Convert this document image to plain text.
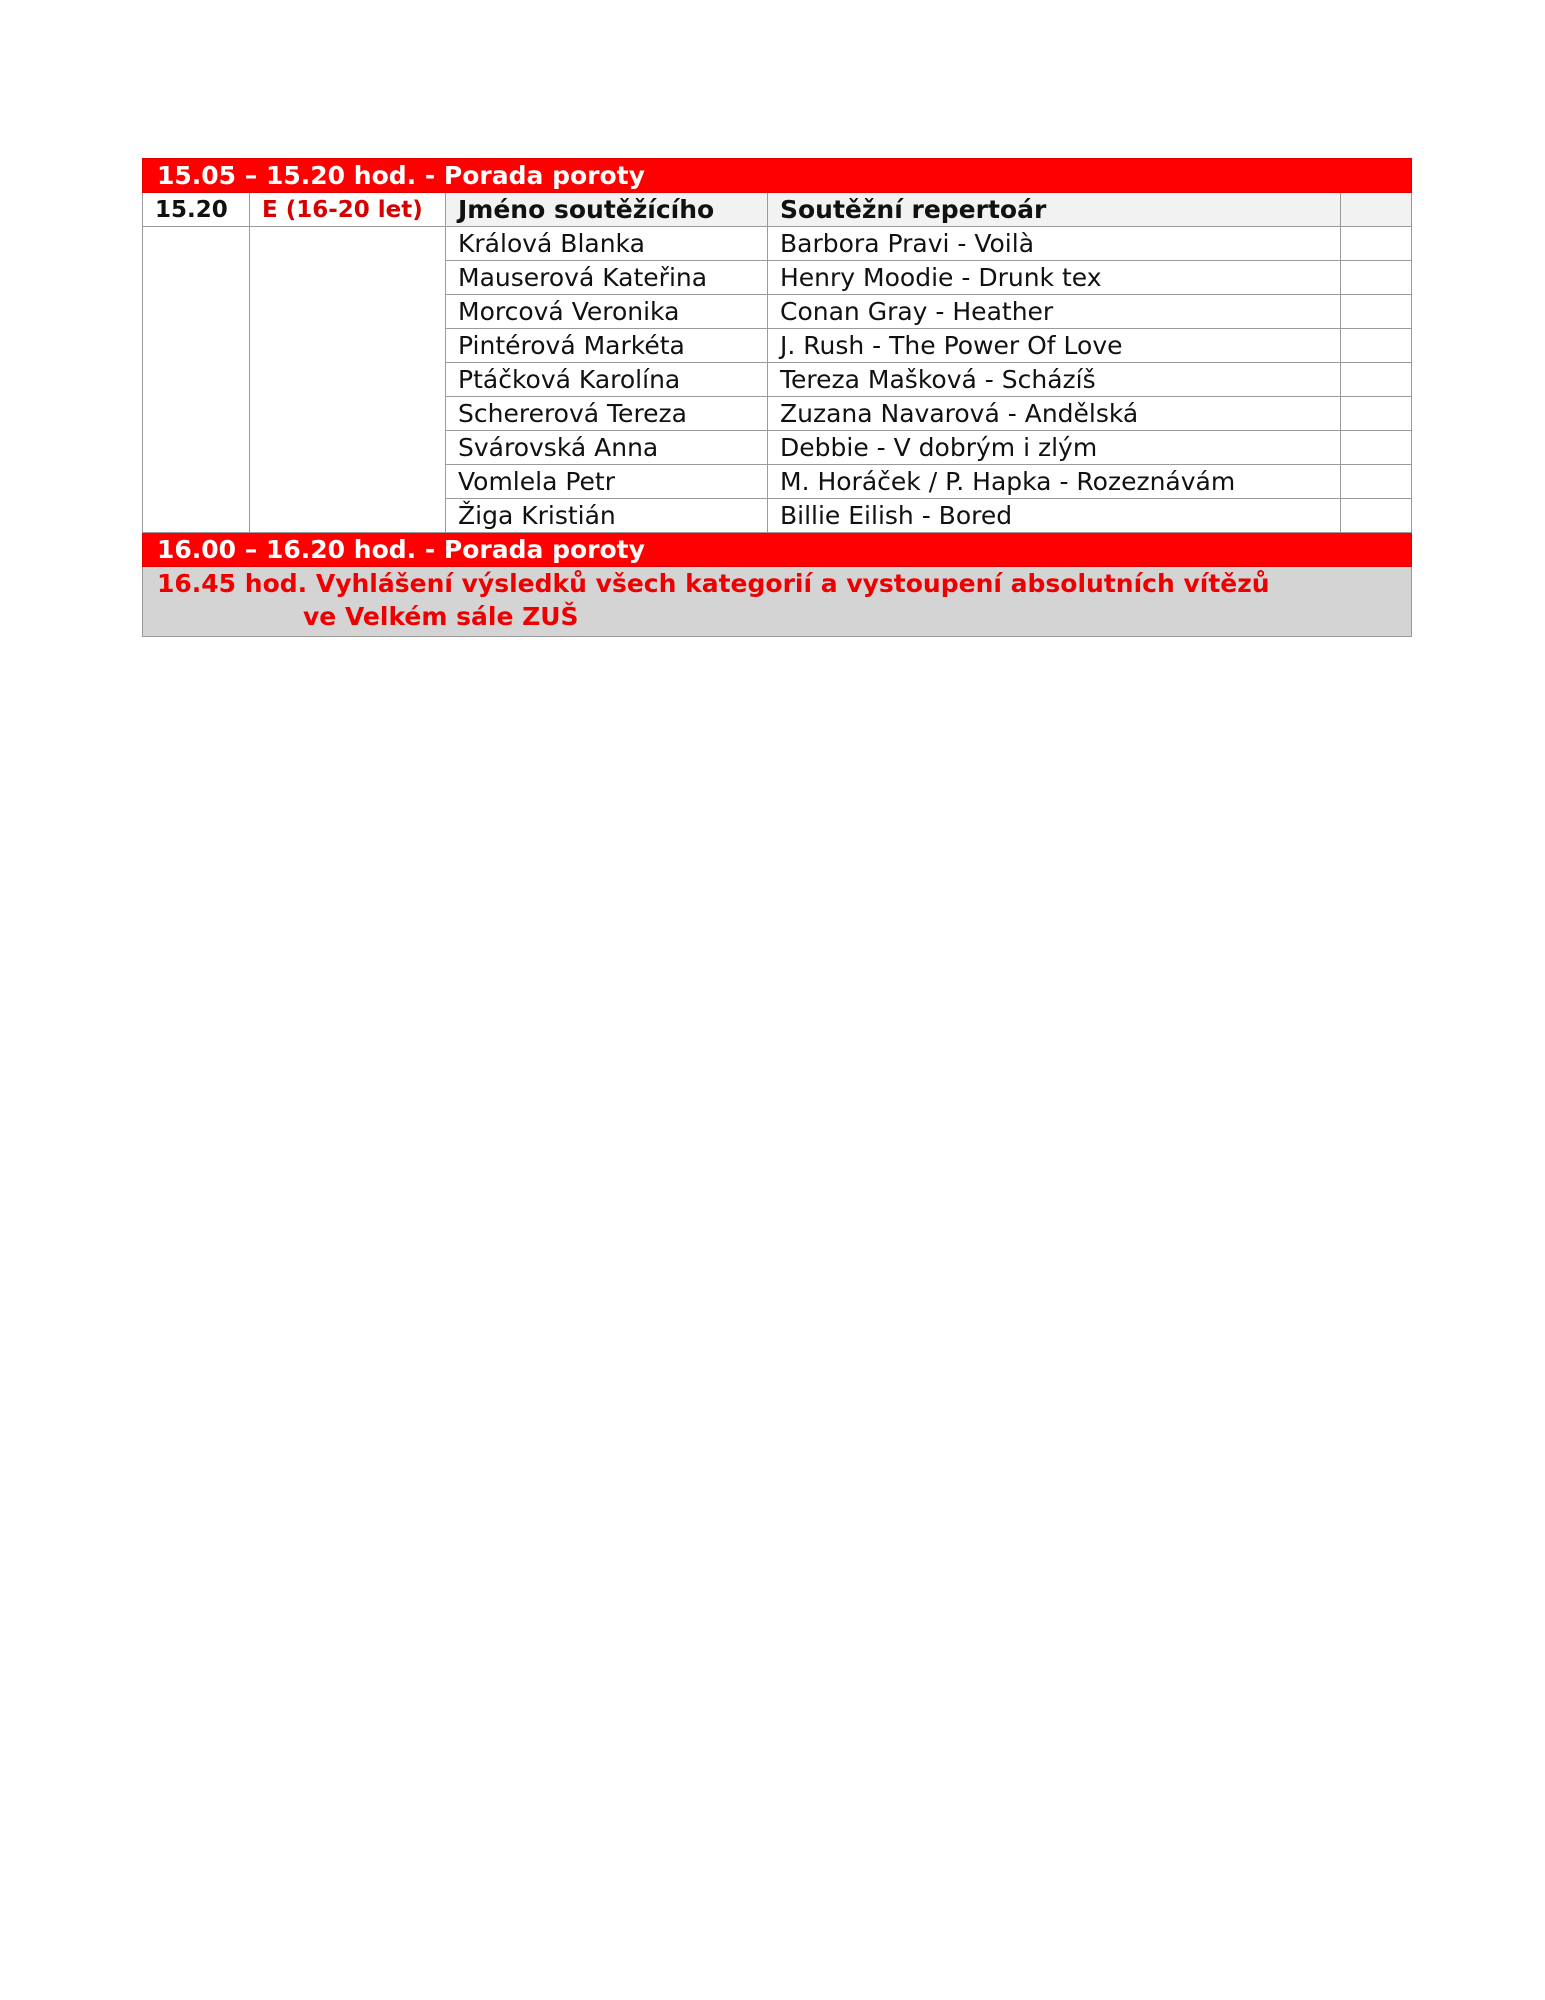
15.05 – 15.20 hod. - Porada poroty				
15.20	E (16-20 let)	Jméno soutěžícího	Soutěžní repertoár	
		Králová Blanka	Barbora Pravi - Voilà	
		Mauserová Kateřina	Henry Moodie - Drunk tex	
		Morcová Veronika	Conan Gray - Heather	
		Pintérová Markéta	J. Rush - The Power Of Love	
		Ptáčková Karolína	Tereza Mašková - Scházíš	
		Schererová Tereza	Zuzana Navarová - Andělská	
		Svárovská Anna	Debbie - V dobrým i zlým	
		Vomlela Petr	M. Horáček / P. Hapka - Rozeznávám	
		Žiga Kristián	Billie Eilish - Bored	
16.00 – 16.20 hod. - Porada poroty				
16.45 hod. Vyhlášení výsledků všech kategorií a vystoupení absolutních vítězů
ve Velkém sále ZUŠ				
